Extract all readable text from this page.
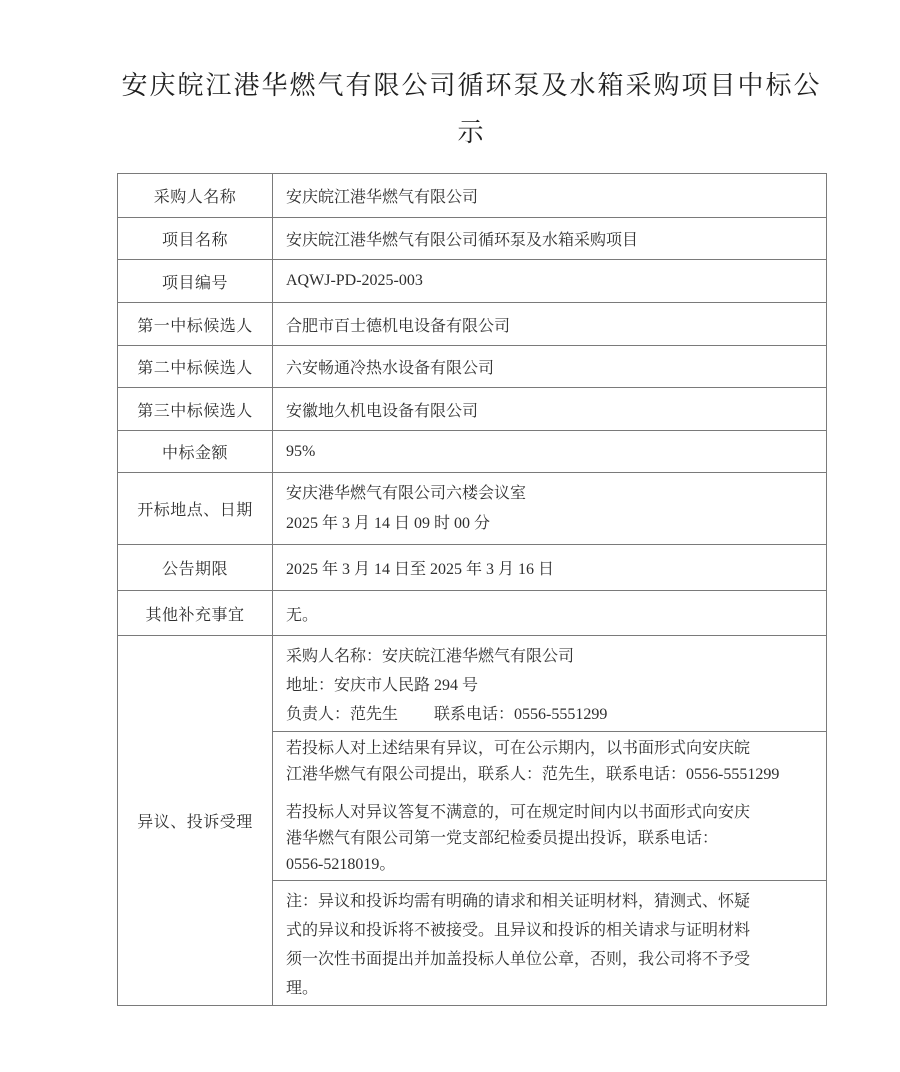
安庆皖江港华燃气有限公司循环泵及水箱采购项目中标公
示
采购人名称	安庆皖江港华燃气有限公司
项目名称	安庆皖江港华燃气有限公司循环泵及水箱采购项目
项目编号	AQWJ-PD-2025-003
第一中标候选人	合肥市百士德机电设备有限公司
第二中标候选人	六安畅通冷热水设备有限公司
第三中标候选人	安徽地久机电设备有限公司
中标金额	95%
开标地点、日期	安庆港华燃气有限公司六楼会议室
2025 年 3 月 14 日 09 时 00 分

公告期限	2025 年 3 月 14 日至 2025 年 3 月 16 日
其他补充事宜	无。
异议、投诉受理	采购人名称：安庆皖江港华燃气有限公司
地址：安庆市人民路 294 号
负责人：范先生　　 联系电话：0556-5551299

	若投标人对上述结果有异议，可在公示期内，以书面形式向安庆皖
江港华燃气有限公司提出，联系人：范先生，联系电话：0556-5551299
若投标人对异议答复不满意的，可在规定时间内以书面形式向安庆
港华燃气有限公司第一党支部纪检委员提出投诉，联系电话：
0556-5218019。

	注：异议和投诉均需有明确的请求和相关证明材料，猜测式、怀疑
式的异议和投诉将不被接受。且异议和投诉的相关请求与证明材料
须一次性书面提出并加盖投标人单位公章，否则，我公司将不予受
理。
